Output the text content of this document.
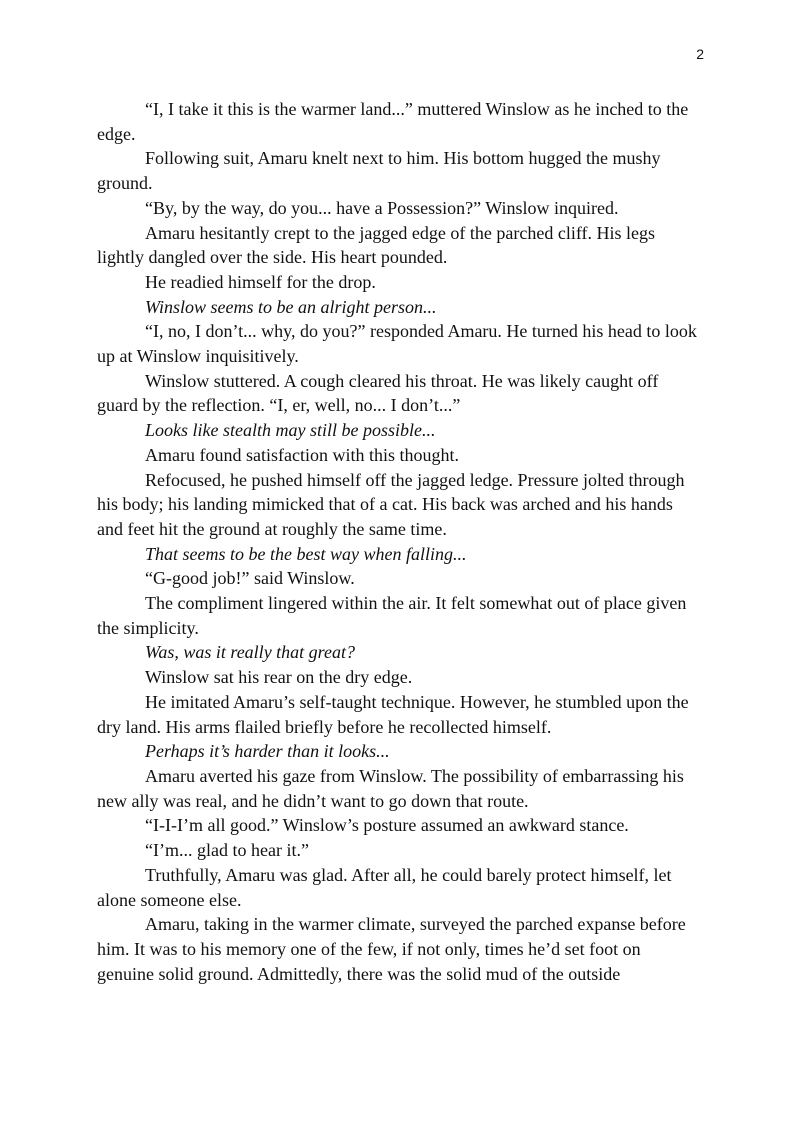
2

“I, I take it this is the warmer land...” muttered Winslow as he inched to the edge.

Following suit, Amaru knelt next to him. His bottom hugged the mushy ground.

“By, by the way, do you... have a Possession?” Winslow inquired.

Amaru hesitantly crept to the jagged edge of the parched cliff. His legs lightly dangled over the side. His heart pounded.

He readied himself for the drop.

Winslow seems to be an alright person...

“I, no, I don’t... why, do you?” responded Amaru. He turned his head to look up at Winslow inquisitively.

Winslow stuttered. A cough cleared his throat. He was likely caught off guard by the reflection. “I, er, well, no... I don’t...”

Looks like stealth may still be possible...

Amaru found satisfaction with this thought.

Refocused, he pushed himself off the jagged ledge. Pressure jolted through his body; his landing mimicked that of a cat. His back was arched and his hands and feet hit the ground at roughly the same time.

That seems to be the best way when falling...

“G-good job!” said Winslow.

The compliment lingered within the air. It felt somewhat out of place given the simplicity.

Was, was it really that great?

Winslow sat his rear on the dry edge.

He imitated Amaru’s self-taught technique. However, he stumbled upon the dry land. His arms flailed briefly before he recollected himself.

Perhaps it’s harder than it looks...

Amaru averted his gaze from Winslow. The possibility of embarrassing his new ally was real, and he didn’t want to go down that route.

“I-I-I’m all good.” Winslow’s posture assumed an awkward stance.

“I’m... glad to hear it.”

Truthfully, Amaru was glad. After all, he could barely protect himself, let alone someone else.

Amaru, taking in the warmer climate, surveyed the parched expanse before him. It was to his memory one of the few, if not only, times he’d set foot on genuine solid ground. Admittedly, there was the solid mud of the outside
